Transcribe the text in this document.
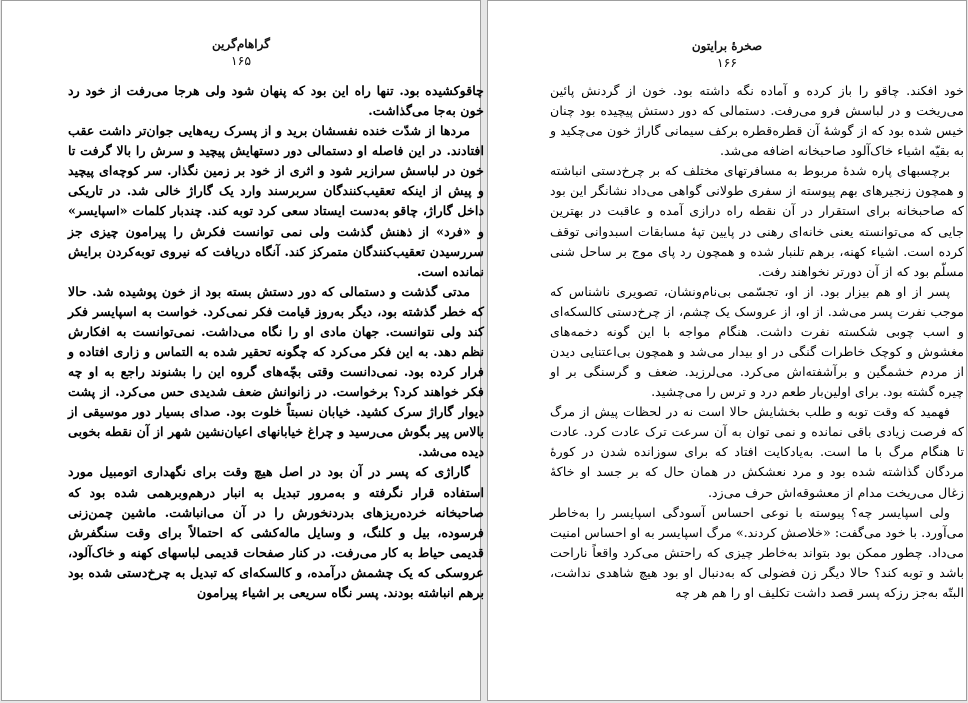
گراهام‌گرین
۱۶۵

چاقوکشیده بود. تنها راه این بود که پنهان شود ولی هرجا می‌رفت از خود رد خون به‌جا می‌گذاشت.

مردها از شدّت خنده نفسشان برید و از پسرک ریه‌هایی جوان‌تر داشت عقب افتادند. در این فاصله او دستمالی دور دستهایش پیچید و سرش را بالا گرفت تا خون در لباسش سرازیر شود و اثری از خود بر زمین نگذار. سر کوچه‌ای پیچید و پیش از اینکه تعقیب‌کنندگان سربرسند وارد یک گاراژ خالی شد. در تاریکی داخل گاراژ، چاقو به‌دست ایستاد سعی کرد توبه کند. چندبار کلمات «اسپایسر» و «فرد» از ذهنش گذشت ولی نمی توانست فکرش را پیرامون چیزی جز سررسیدن تعقیب‌کنندگان متمرکز کند. آنگاه دریافت که نیروی توبه‌کردن برایش نمانده است.

مدتی گذشت و دستمالی که دور دستش بسته بود از خون پوشیده شد. حالا که خطر گذشته بود، دیگر به‌روز قیامت فکر نمی‌کرد. خواست به اسپایسر فکر کند ولی نتوانست. جهان مادی او را نگاه می‌داشت. نمی‌توانست به افکارش نظم دهد. به این فکر می‌کرد که چگونه تحقیر شده به التماس و زاری افتاده و فرار کرده بود. نمی‌دانست وقتی بچّه‌های گروه این را بشنوند راجع به او چه فکر خواهند کرد؟ برخواست. در زانوانش ضعف شدیدی حس می‌کرد. از پشت دیوار گاراژ سرک کشید. خیابان نسبتاً خلوت بود. صدای بسیار دور موسیقی از بالاس پیر بگوش می‌رسید و چراغ خیابانهای اعیان‌نشین شهر از آن نقطه بخوبی دیده می‌شد.

گاراژی که پسر در آن بود در اصل هیچ وقت برای نگهداری اتومبیل مورد استفاده قرار نگرفته و به‌مرور تبدیل به انبار درهم‌وبرهمی شده بود که صاحبخانه خرده‌ریزهای بدردنخورش را در آن می‌انباشت. ماشین چمن‌زنی فرسوده، بیل و کلنگ، و وسایل ماله‌کشی که احتمالاً برای وقت سنگفرش قدیمی حیاط به کار می‌رفت. در کنار صفحات قدیمی لباسهای کهنه و خاک‌آلود، عروسکی که یک چشمش درآمده، و کالسکه‌ای که تبدیل به چرخ‌دستی شده بود برهم انباشته بودند. پسر نگاه سریعی بر اشیاء پیرامون

صخرهٔ برایتون
۱۶۶

خود افکند. چاقو را باز کرده و آماده نگه داشته بود. خون از گردنش پائین می‌ریخت و در لباسش فرو می‌رفت. دستمالی که دور دستش پیچیده بود چنان خیس شده بود که از گوشهٔ آن قطره‌قطره برکف سیمانی گاراژ خون می‌چکید و به بقیّه اشیاء خاک‌آلود صاحبخانه اضافه می‌شد.

برچسبهای پاره شدهٔ مربوط به مسافرتهای مختلف که بر چرخ‌دستی انباشته و همچون زنجیرهای بهم پیوسته از سفری طولانی گواهی می‌داد نشانگر این بود که صاحبخانه برای استقرار در آن نقطه راه درازی آمده و عاقبت در بهترین جایی که می‌توانسته یعنی خانه‌ای رهنی در پایین تپهٔ مسابقات اسبدوانی توقف کرده است. اشیاء کهنه، برهم تلنبار شده و همچون رد پای موج بر ساحل شنی مسلّم بود که از آن دورتر نخواهند رفت.

پسر از او هم بیزار بود. از او، تجسّمی بی‌نام‌ونشان، تصویری ناشناس که موجب نفرت پسر می‌شد. از او، از عروسک یک چشم، از چرخ‌دستی کالسکه‌ای و اسب چوبی شکسته نفرت داشت. هنگام مواجه با این گونه دخمه‌های مغشوش و کوچک خاطرات گنگی در او بیدار می‌شد و همچون بی‌اعتنایی دیدن از مردم خشمگین و برآشفته‌اش می‌کرد. می‌لرزید. ضعف و گرسنگی بر او چیره گشته بود. برای اولین‌بار طعم درد و ترس را می‌چشید.

فهمید که وقت توبه و طلب بخشایش حالا است نه در لحظات پیش از مرگ که فرصت زیادی باقی نمانده و نمی توان به آن سرعت ترک عادت کرد. عادت تا هنگام مرگ با ما است. به‌یادکایت افتاد که برای سوزانده شدن در کورهٔ مردگان گذاشته شده بود و مرد نعشکش در همان حال که بر جسد او خاکهٔ زغال می‌ریخت مدام از معشوقه‌اش حرف می‌زد.

ولی اسپایسر چه؟ پیوسته با نوعی احساس آسودگی اسپایسر را به‌خاطر می‌آورد. با خود می‌گفت: «خلاصش کردند.» مرگ اسپایسر به او احساس امنیت می‌داد. چطور ممکن بود بتواند به‌خاطر چیزی که راحتش می‌کرد واقعاً ناراحت باشد و توبه کند؟ حالا دیگر زن فضولی که به‌دنبال او بود هیچ شاهدی نداشت، البتّه به‌جز رزکه پسر قصد داشت تکلیف او را هم هر چه
